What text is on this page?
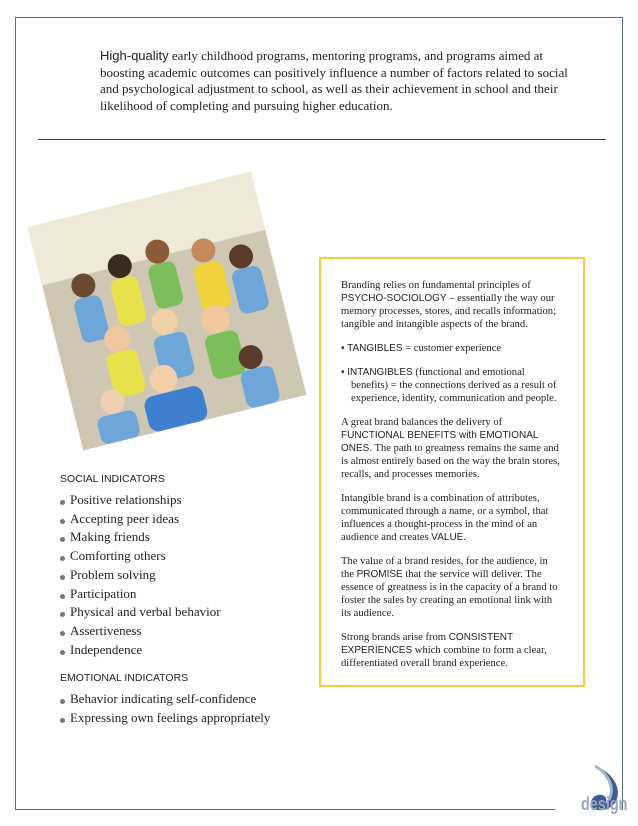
High-quality early childhood programs, mentoring programs, and programs aimed at boosting academic outcomes can positively influence a number of factors related to social and psychological adjustment to school, as well as their achievement in school and their likelihood of completing and pursuing higher education.

Branding relies on fundamental principles of PSYCHO-SOCIOLOGY – essentially the way our memory processes, stores, and recalls information; tangible and intangible aspects of the brand.

• TANGIBLES = customer experience

• INTANGIBLES (functional and emotional benefits) = the connections derived as a result of experience, identity, communication and people.

A great brand balances the delivery of FUNCTIONAL BENEFITS with EMOTIONAL ONES. The path to greatness remains the same and is almost entirely based on the way the brain stores, recalls, and processes memories.

Intangible brand is a combination of attributes, communicated through a name, or a symbol, that influences a thought-process in the mind of an audience and creates VALUE.

The value of a brand resides, for the audience, in the PROMISE that the service will deliver. The essence of greatness is in the capacity of a brand to foster the sales by creating an emotional link with its audience.

Strong brands arise from CONSISTENT EXPERIENCES which combine to form a clear, differentiated overall brand experience.

SOCIAL INDICATORS
Positive relationships
Accepting peer ideas
Making friends
Comforting others
Problem solving
Participation
Physical and verbal behavior
Assertiveness
Independence
EMOTIONAL INDICATORS
Behavior indicating self-confidence
Expressing own feelings appropriately
design
